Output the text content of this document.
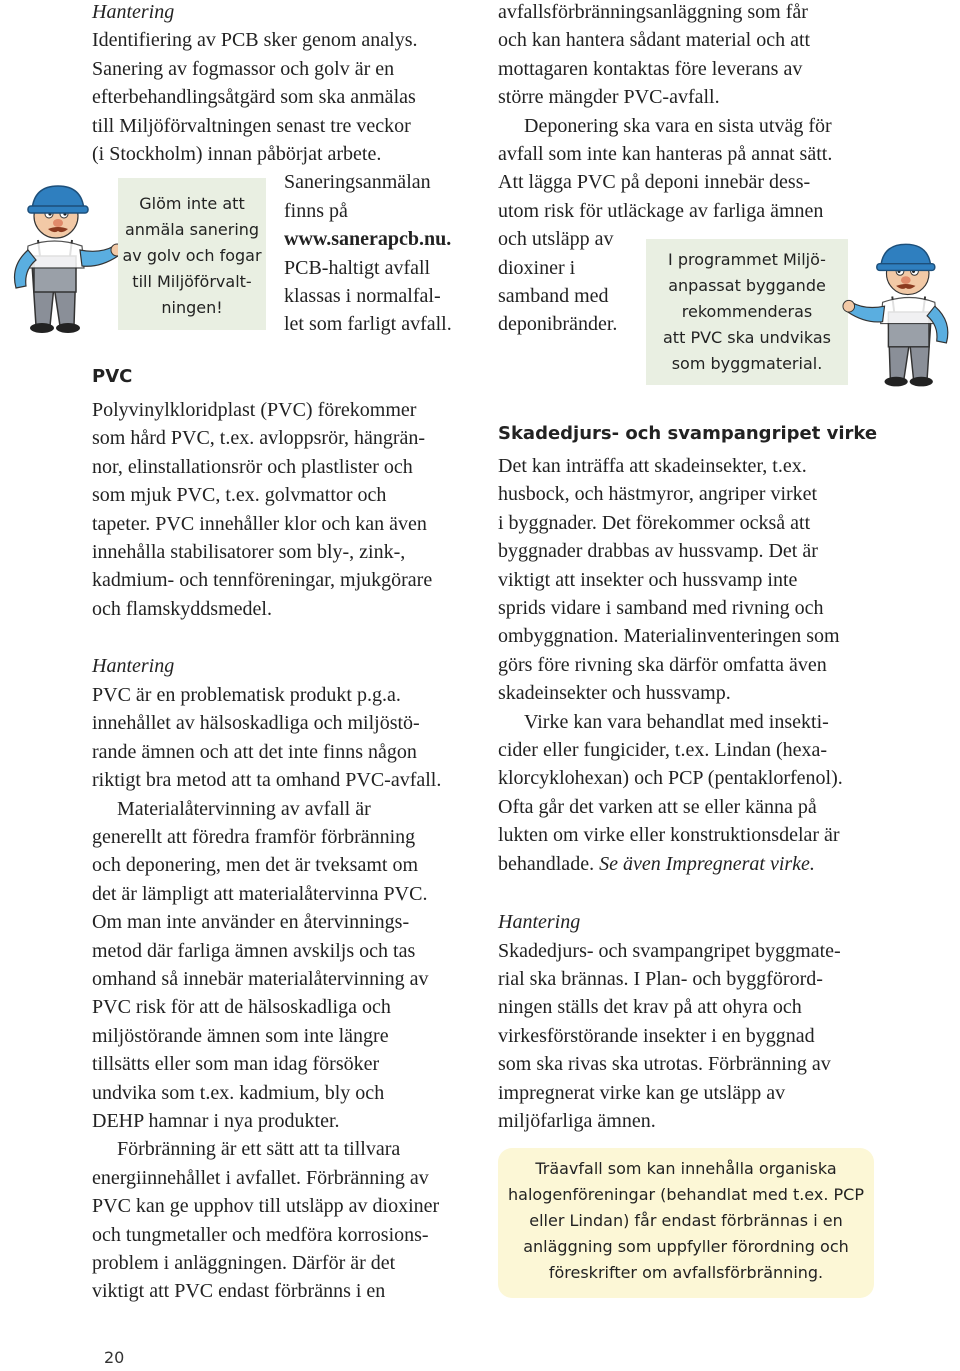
Hantering
Identifiering av PCB sker genom analys.
Sanering av fogmassor och golv är en
efterbehandlingsåtgärd som ska anmälas
till Miljöförvaltningen senast tre veckor
(i Stockholm) innan påbörjat arbete.
Saneringsanmälan
finns på
www.sanerapcb.nu.
PCB-haltigt avfall
klassas i normalfal-
let som farligt avfall.
Glöm inte att
anmäla sanering
av golv och fogar
till Miljöförvalt-
ningen!
PVC
Polyvinylkloridplast (PVC) förekommer
som hård PVC, t.ex. avloppsrör, hängrän-
nor, elinstallationsrör och plastlister och
som mjuk PVC, t.ex. golvmattor och
tapeter. PVC innehåller klor och kan även
innehålla stabilisatorer som bly-, zink-,
kadmium- och tennföreningar, mjukgörare
och flamskyddsmedel.
Hantering
PVC är en problematisk produkt p.g.a.
innehållet av hälsoskadliga och miljöstö-
rande ämnen och att det inte finns någon
riktigt bra metod att ta omhand PVC-avfall.
Materialåtervinning av avfall är
generellt att föredra framför förbränning
och deponering, men det är tveksamt om
det är lämpligt att materialåtervinna PVC.
Om man inte använder en återvinnings-
metod där farliga ämnen avskiljs och tas
omhand så innebär materialåtervinning av
PVC risk för att de hälsoskadliga och
miljöstörande ämnen som inte längre
tillsätts eller som man idag försöker
undvika som t.ex. kadmium, bly och
DEHP hamnar i nya produkter.
Förbränning är ett sätt att ta tillvara
energiinnehållet i avfallet. Förbränning av
PVC kan ge upphov till utsläpp av dioxiner
och tungmetaller och medföra korrosions-
problem i anläggningen. Därför är det
viktigt att PVC endast förbränns i en
avfallsförbränningsanläggning som får
och kan hantera sådant material och att
mottagaren kontaktas före leverans av
större mängder PVC-avfall.
Deponering ska vara en sista utväg för
avfall som inte kan hanteras på annat sätt.
Att lägga PVC på deponi innebär dess-
utom risk för utläckage av farliga ämnen
och utsläpp av
dioxiner i
samband med
deponibränder.
I programmet Miljö-
anpassat byggande
rekommenderas
att PVC ska undvikas
som byggmaterial.
Skadedjurs- och svampangripet virke
Det kan inträffa att skadeinsekter, t.ex.
husbock, och hästmyror, angriper virket
i byggnader. Det förekommer också att
byggnader drabbas av hussvamp. Det är
viktigt att insekter och hussvamp inte
sprids vidare i samband med rivning och
ombyggnation. Materialinventeringen som
görs före rivning ska därför omfatta även
skadeinsekter och hussvamp.
Virke kan vara behandlat med insekti-
cider eller fungicider, t.ex. Lindan (hexa-
klorcyklohexan) och PCP (pentaklorfenol).
Ofta går det varken att se eller känna på
lukten om virke eller konstruktionsdelar är
behandlade. Se även Impregnerat virke.
Hantering
Skadedjurs- och svampangripet byggmate-
rial ska brännas. I Plan- och byggförord-
ningen ställs det krav på att ohyra och
virkesförstörande insekter i en byggnad
som ska rivas ska utrotas. Förbränning av
impregnerat virke kan ge utsläpp av
miljöfarliga ämnen.
Träavfall som kan innehålla organiska
halogenföreningar (behandlat med t.ex. PCP
eller Lindan) får endast förbrännas i en
anläggning som uppfyller förordning och
föreskrifter om avfallsförbränning.
20
